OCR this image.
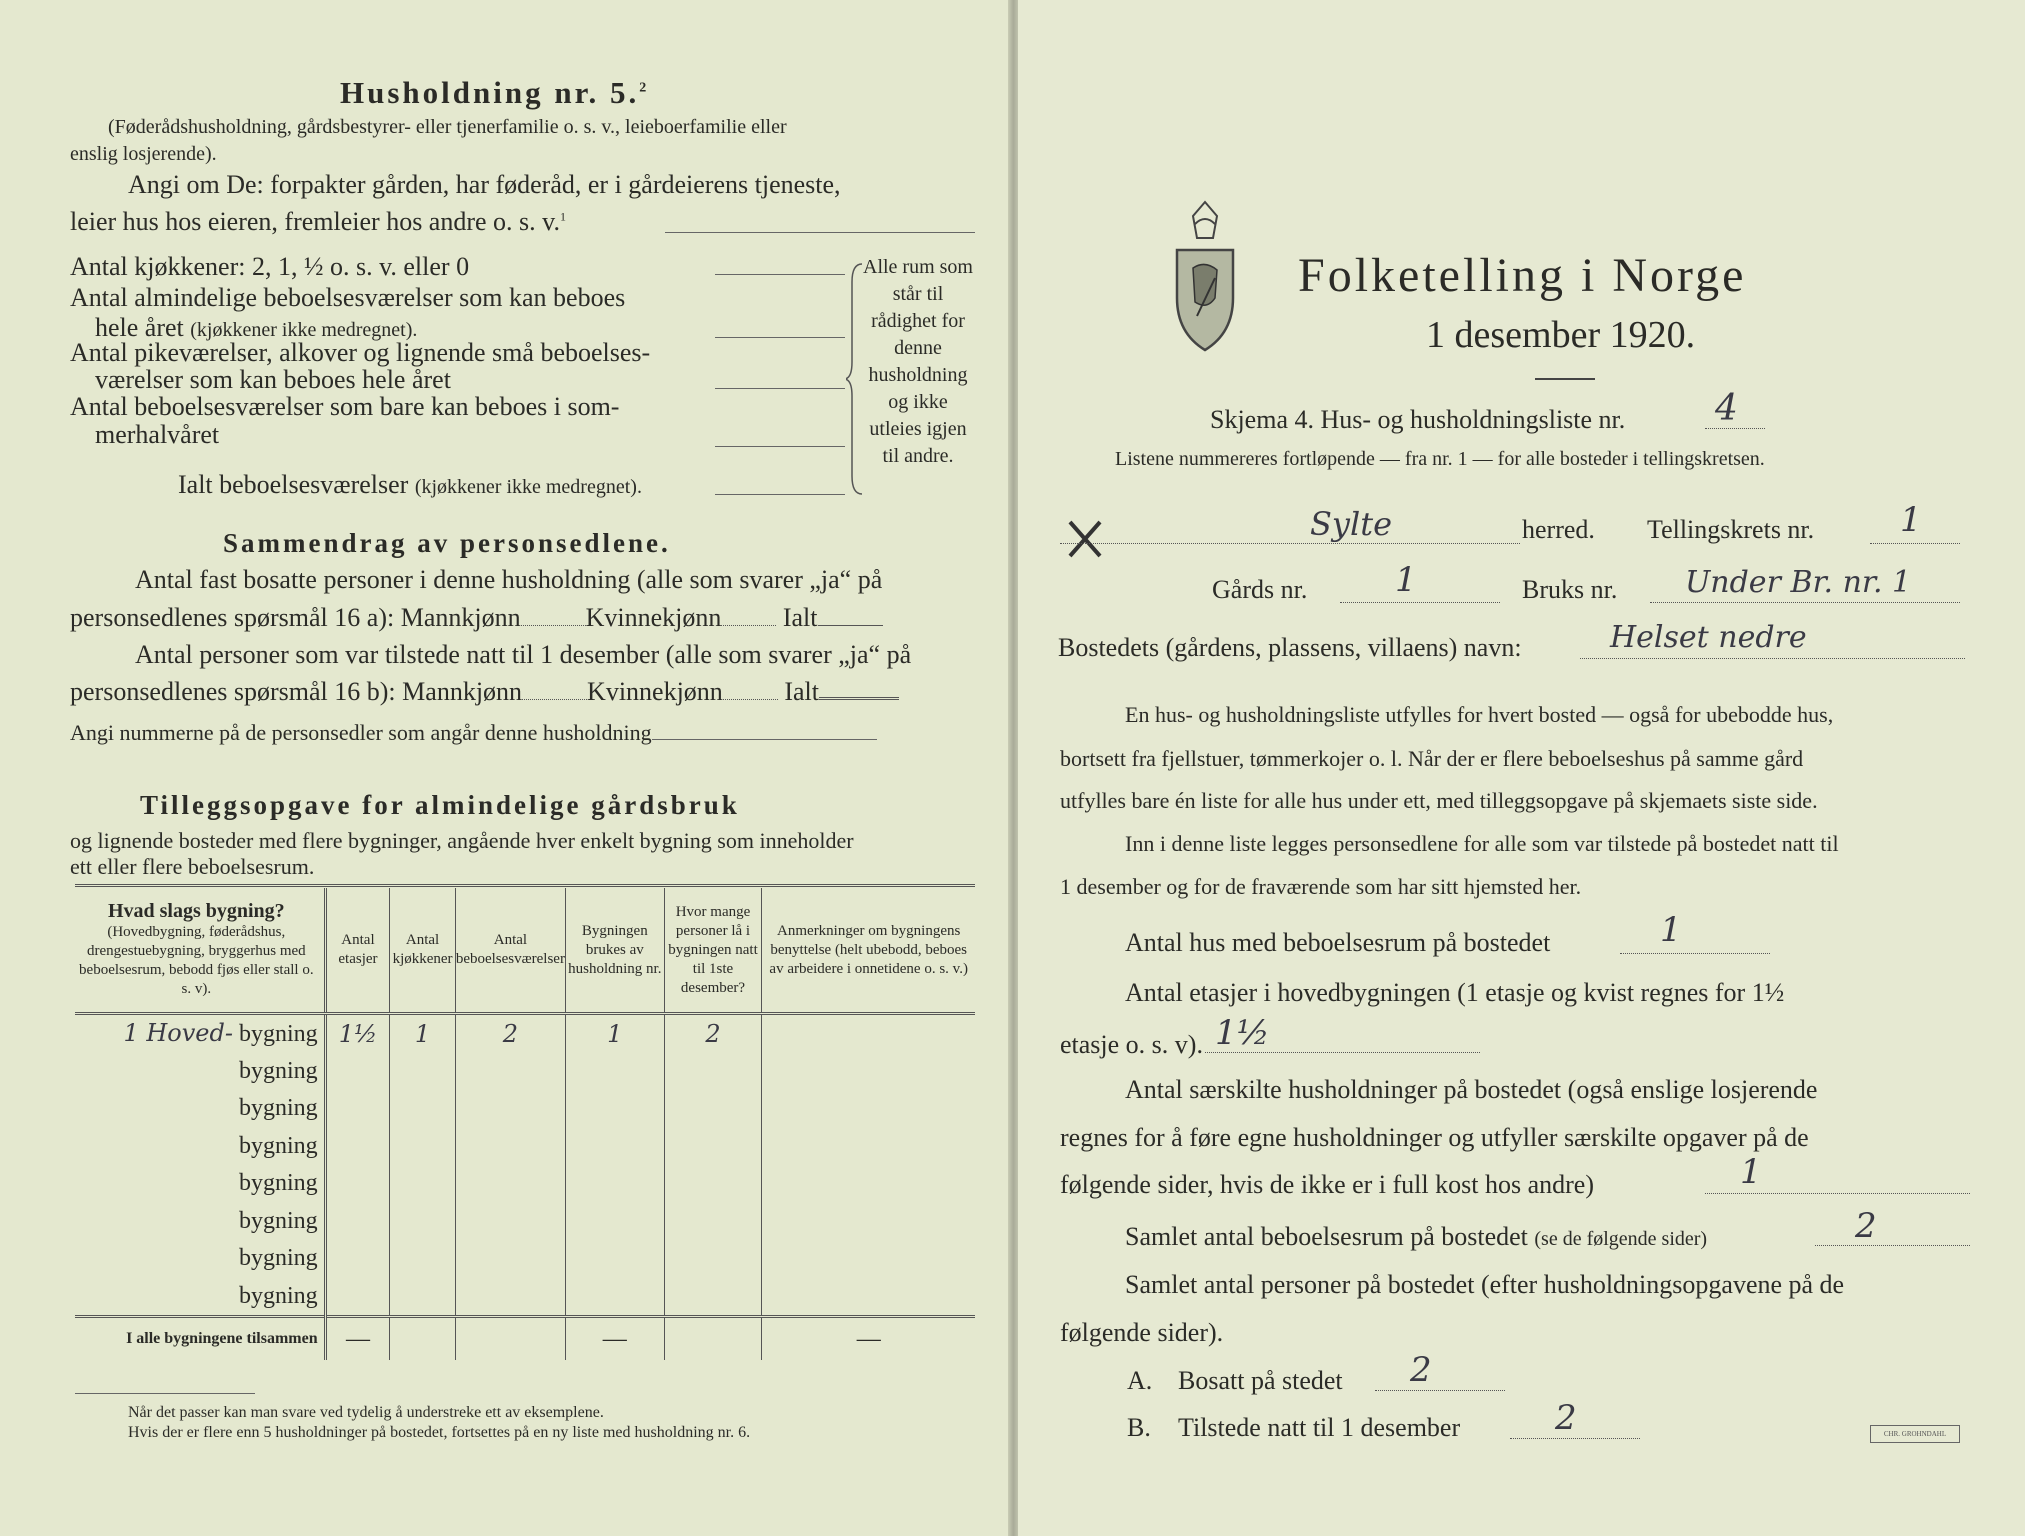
Husholdning nr. 5.$^2$
(Føderådshusholdning, gårdsbestyrer- eller tjenerfamilie o. s. v., leieboerfamilie eller
enslig losjerende).
Angi om De: forpakter gården, har føderåd, er i gårdeierens tjeneste,
leier hus hos eieren, fremleier hos andre o. s. v.$^1$
Antal kjøkkener: 2, 1, ½ o. s. v. eller 0
Antal almindelige beboelsesværelser som kan beboes
hele året (kjøkkener ikke medregnet).
Antal pikeværelser, alkover og lignende små beboelses-
værelser som kan beboes hele året
Antal beboelsesværelser som bare kan beboes i som-
merhalvåret
Ialt beboelsesværelser (kjøkkener ikke medregnet).
Alle rum som står til rådighet for denne husholdning og ikke utleies igjen til andre.
Sammendrag av personsedlene.
Antal fast bosatte personer i denne husholdning (alle som svarer „ja“ på
personsedlenes spørsmål 16 a): Mannkjønn	Kvinnekjønn Ialt
Antal personer som var tilstede natt til 1 desember (alle som svarer „ja“ på
personsedlenes spørsmål 16 b): Mannkjønn	Kvinnekjønn Ialt
Angi nummerne på de personsedler som angår denne husholdning
Tilleggsopgave for almindelige gårdsbruk
og lignende bosteder med flere bygninger, angående hver enkelt bygning som inneholder
ett eller flere beboelsesrum.
Hvad slags bygning?
(Hovedbygning, føderådshus, drengestuebygning, bryggerhus med beboelsesrum, bebodd fjøs eller stall o. s. v).	Antal etasjer	Antal kjøkkener	Antal beboelsesværelser	Bygningen brukes av husholdning nr.	Hvor mange personer lå i bygningen natt til 1ste desember?	Anmerkninger om bygningens benyttelse (helt ubebodd, beboes av arbeidere i onnetidene o. s. v.)
1 Hoved- bygning	1½	1	2	1	2	
bygning						
bygning						
bygning						
bygning						
bygning						
bygning						
bygning						
I alle bygningene tilsammen	—			—		—
Når det passer kan man svare ved tydelig å understreke ett av eksemplene.
Hvis der er flere enn 5 husholdninger på bostedet, fortsettes på en ny liste med husholdning nr. 6.
Folketelling i Norge
1 desember 1920.
Skjema 4. Hus- og husholdningsliste nr. 4
Listene nummereres fortløpende — fra nr. 1 — for alle bosteder i tellingskretsen.
Sylte	herred. Tellingskrets nr.	1
Gårds nr.	1	Bruks nr. Under Br. nr. 1
Bostedets (gårdens, plassens, villaens) navn:	Helset nedre
En hus- og husholdningsliste utfylles for hvert bosted — også for ubebodde hus,
bortsett fra fjellstuer, tømmerkojer o. l. Når der er flere beboelseshus på samme gård
utfylles bare én liste for alle hus under ett, med tilleggsopgave på skjemaets siste side.
Inn i denne liste legges personsedlene for alle som var tilstede på bostedet natt til
1 desember og for de fraværende som har sitt hjemsted her.
Antal hus med beboelsesrum på bostedet	1
Antal etasjer i hovedbygningen (1 etasje og kvist regnes for 1½
etasje o. s. v). 1½
Antal særskilte husholdninger på bostedet (også enslige losjerende
regnes for å føre egne husholdninger og utfyller særskilte opgaver på de
følgende sider, hvis de ikke er i full kost hos andre)	1
Samlet antal beboelsesrum på bostedet (se de følgende sider)	2
Samlet antal personer på bostedet (efter husholdningsopgavene på de
følgende sider).
A. Bosatt på stedet 2
B. Tilstede natt til 1 desember	2	CHR. GROHNDAHL
